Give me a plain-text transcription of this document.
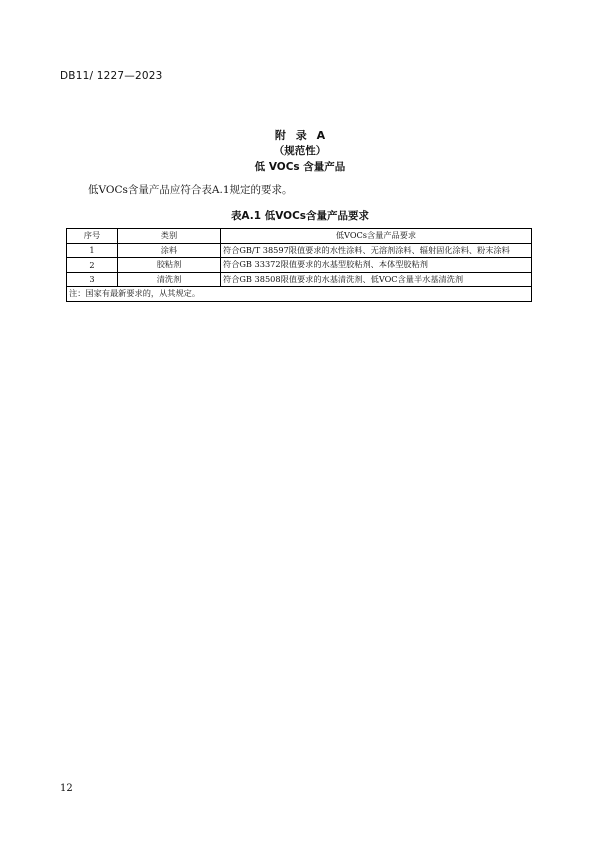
DB11/ 1227—2023
附 录 A
（规范性）
低 VOCs 含量产品
低VOCs含量产品应符合表A.1规定的要求。
表A.1 低VOCs含量产品要求
序号	类别	低VOCs含量产品要求
1	涂料	符合GB/T 38597限值要求的水性涂料、无溶剂涂料、辐射固化涂料、粉末涂料
2	胶粘剂	符合GB 33372限值要求的水基型胶粘剂、本体型胶粘剂
3	清洗剂	符合GB 38508限值要求的水基清洗剂、低VOC含量半水基清洗剂
注：国家有最新要求的，从其规定。		
12
